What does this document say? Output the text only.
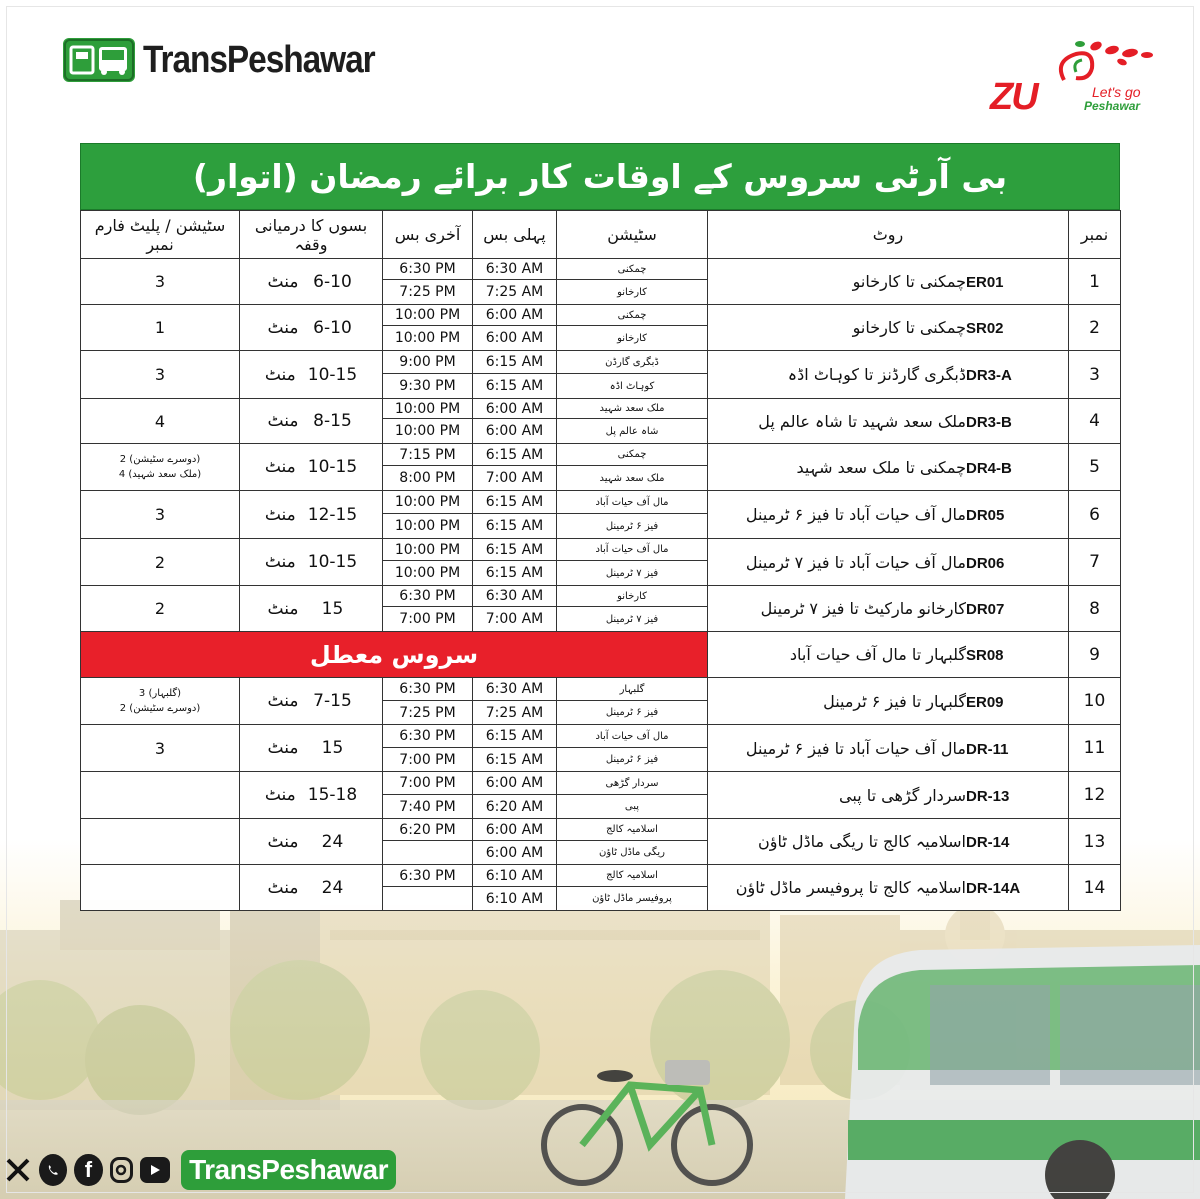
TransPeshawar
ZU	Let's go
Peshawar
بی آرٹی سروس کے اوقات کار برائے رمضان (اتوار)
سٹیشن / پلیٹ فارم نمبر	بسوں کا درمیانی وقفہ	آخری بس	پہلی بس	سٹیشن	روٹ	نمبر
3	منٹ 6-10	6:30 PM	6:30 AM	چمکنی	ER01چمکنی تا کارخانو	1
		7:25 PM	7:25 AM	کارخانو		
1	منٹ 6-10	10:00 PM	6:00 AM	چمکنی	SR02چمکنی تا کارخانو	2
		10:00 PM	6:00 AM	کارخانو		
3	منٹ 10-15	9:00 PM	6:15 AM	ڈبگری گارڈن	DR3-Aڈبگری گارڈنز تا کوہاٹ اڈہ	3
		9:30 PM	6:15 AM	کوہاٹ اڈہ		
4	منٹ 8-15	10:00 PM	6:00 AM	ملک سعد شہید	DR3-Bملک سعد شہید تا شاہ عالم پل	4
		10:00 PM	6:00 AM	شاہ عالم پل		

(دوسرے سٹیشن) 2
(ملک سعد شہید) 4	منٹ 10-15	7:15 PM	6:15 AM	چمکنی	DR4-Bچمکنی تا ملک سعد شہید	5
		8:00 PM	7:00 AM	ملک سعد شہید		
3	منٹ 12-15	10:00 PM	6:15 AM	مال آف حیات آباد	DR05مال آف حیات آباد تا فیز ۶ ٹرمینل	6
		10:00 PM	6:15 AM	فیز ۶ ٹرمینل		
2	منٹ 10-15	10:00 PM	6:15 AM	مال آف حیات آباد	DR06مال آف حیات آباد تا فیز ۷ ٹرمینل	7
		10:00 PM	6:15 AM	فیز ۷ ٹرمینل		
2	منٹ 15	6:30 PM	6:30 AM	کارخانو	DR07کارخانو مارکیٹ تا فیز ۷ ٹرمینل	8
		7:00 PM	7:00 AM	فیز ۷ ٹرمینل		
سروس معطل					SR08گلبہار تا مال آف حیات آباد	9

(گلبہار) 3
(دوسرے سٹیشن) 2	منٹ 7-15	6:30 PM	6:30 AM	گلبہار	ER09گلبہار تا فیز ۶ ٹرمینل	10
		7:25 PM	7:25 AM	فیز ۶ ٹرمینل		
3	منٹ 15	6:30 PM	6:15 AM	مال آف حیات آباد	DR-11مال آف حیات آباد تا فیز ۶ ٹرمینل	11
		7:00 PM	6:15 AM	فیز ۶ ٹرمینل		
	منٹ 15-18	7:00 PM	6:00 AM	سردار گڑھی	DR-13سردار گڑھی تا پبی	12
		7:40 PM	6:20 AM	پبی		
	منٹ 24	6:20 PM	6:00 AM	اسلامیہ کالج	DR-14اسلامیہ کالج تا ریگی ماڈل ٹاؤن	13
			6:00 AM	ریگی ماڈل ٹاؤن		
	منٹ 24	6:30 PM	6:10 AM	اسلامیہ کالج	DR-14Aاسلامیہ کالج تا پروفیسر ماڈل ٹاؤن	14
			6:10 AM	پروفیسر ماڈل ٹاؤن		
f	TransPeshawar
